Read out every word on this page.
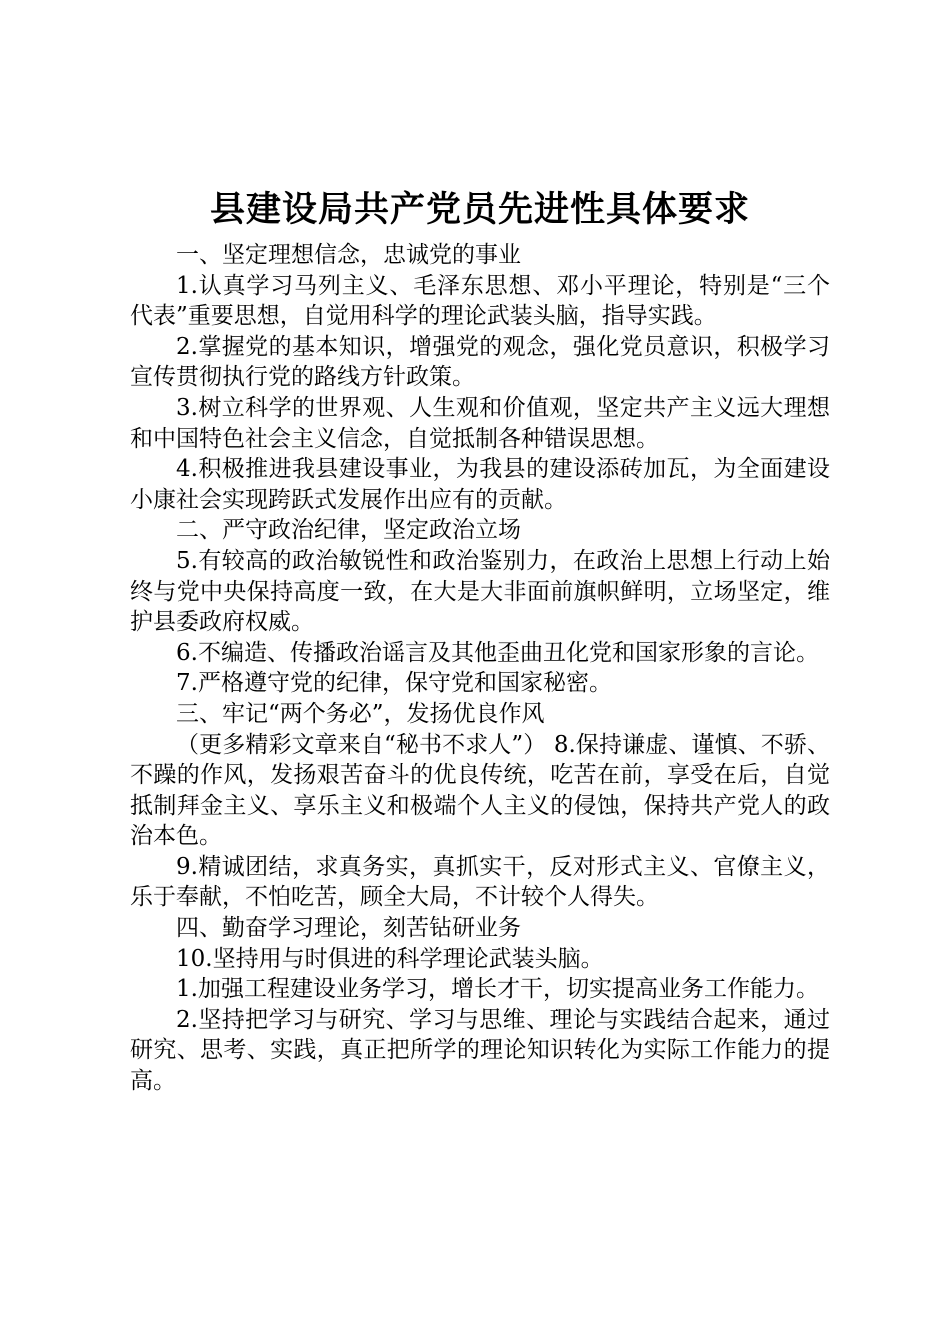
县建设局共产党员先进性具体要求

一、坚定理想信念，忠诚党的事业

1.认真学习马列主义、毛泽东思想、邓小平理论，特别是“三个代表”重要思想，自觉用科学的理论武装头脑，指导实践。

2.掌握党的基本知识，增强党的观念，强化党员意识，积极学习宣传贯彻执行党的路线方针政策。

3.树立科学的世界观、人生观和价值观，坚定共产主义远大理想和中国特色社会主义信念，自觉抵制各种错误思想。

4.积极推进我县建设事业，为我县的建设添砖加瓦，为全面建设小康社会实现跨跃式发展作出应有的贡献。

二、严守政治纪律，坚定政治立场

5.有较高的政治敏锐性和政治鉴别力，在政治上思想上行动上始终与党中央保持高度一致，在大是大非面前旗帜鲜明，立场坚定，维护县委政府权威。

6.不编造、传播政治谣言及其他歪曲丑化党和国家形象的言论。

7.严格遵守党的纪律，保守党和国家秘密。

三、牢记“两个务必”，发扬优良作风

（更多精彩文章来自“秘书不求人”） 8.保持谦虚、谨慎、不骄、不躁的作风，发扬艰苦奋斗的优良传统，吃苦在前，享受在后，自觉抵制拜金主义、享乐主义和极端个人主义的侵蚀，保持共产党人的政治本色。

9.精诚团结，求真务实，真抓实干，反对形式主义、官僚主义，乐于奉献，不怕吃苦，顾全大局，不计较个人得失。

四、勤奋学习理论，刻苦钻研业务

10.坚持用与时俱进的科学理论武装头脑。

1.加强工程建设业务学习，增长才干，切实提高业务工作能力。

2.坚持把学习与研究、学习与思维、理论与实践结合起来，通过研究、思考、实践，真正把所学的理论知识转化为实际工作能力的提高。
